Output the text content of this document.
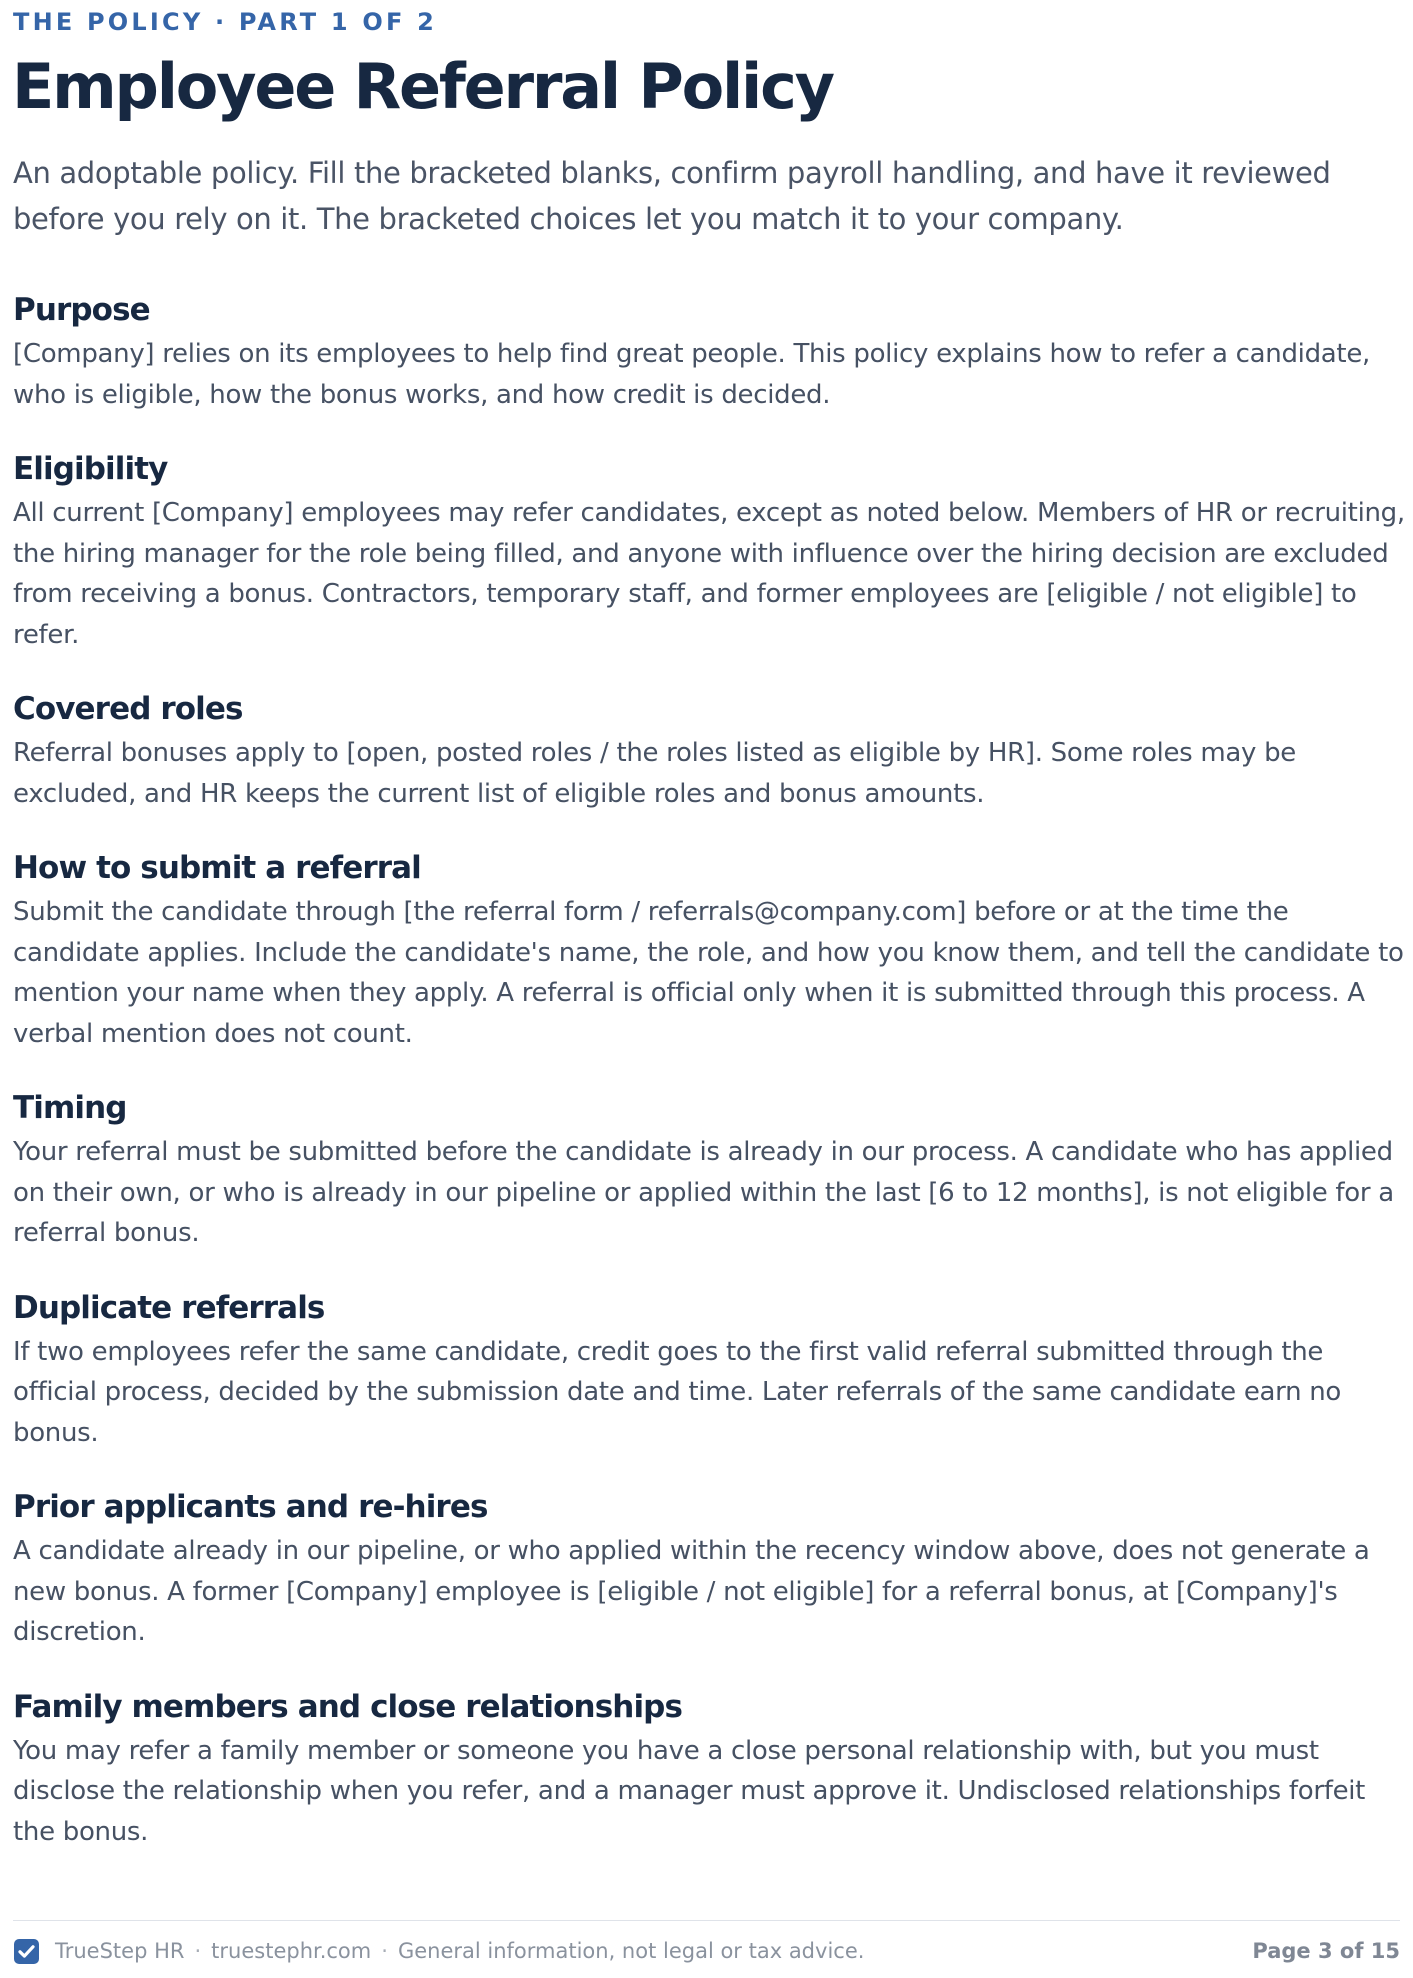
THE POLICY · PART 1 OF 2
Employee Referral Policy

An adoptable policy. Fill the bracketed blanks, confirm payroll handling, and have it reviewed before you rely on it. The bracketed choices let you match it to your company.

Purpose

[Company] relies on its employees to help find great people. This policy explains how to refer a candidate, who is eligible, how the bonus works, and how credit is decided.

Eligibility

All current [Company] employees may refer candidates, except as noted below. Members of HR or recruiting, the hiring manager for the role being filled, and anyone with influence over the hiring decision are excluded from receiving a bonus. Contractors, temporary staff, and former employees are [eligible / not eligible] to refer.

Covered roles

Referral bonuses apply to [open, posted roles / the roles listed as eligible by HR]. Some roles may be excluded, and HR keeps the current list of eligible roles and bonus amounts.

How to submit a referral

Submit the candidate through [the referral form / referrals@company.com] before or at the time the candidate applies. Include the candidate's name, the role, and how you know them, and tell the candidate to mention your name when they apply. A referral is official only when it is submitted through this process. A verbal mention does not count.

Timing

Your referral must be submitted before the candidate is already in our process. A candidate who has applied on their own, or who is already in our pipeline or applied within the last [6 to 12 months], is not eligible for a referral bonus.

Duplicate referrals

If two employees refer the same candidate, credit goes to the first valid referral submitted through the official process, decided by the submission date and time. Later referrals of the same candidate earn no bonus.

Prior applicants and re-hires

A candidate already in our pipeline, or who applied within the recency window above, does not generate a new bonus. A former [Company] employee is [eligible / not eligible] for a referral bonus, at [Company]'s discretion.

Family members and close relationships

You may refer a family member or someone you have a close personal relationship with, but you must disclose the relationship when you refer, and a manager must approve it. Undisclosed relationships forfeit the bonus.

TrueStep HR · truestephr.com · General information, not legal or tax advice.	Page 3 of 15
